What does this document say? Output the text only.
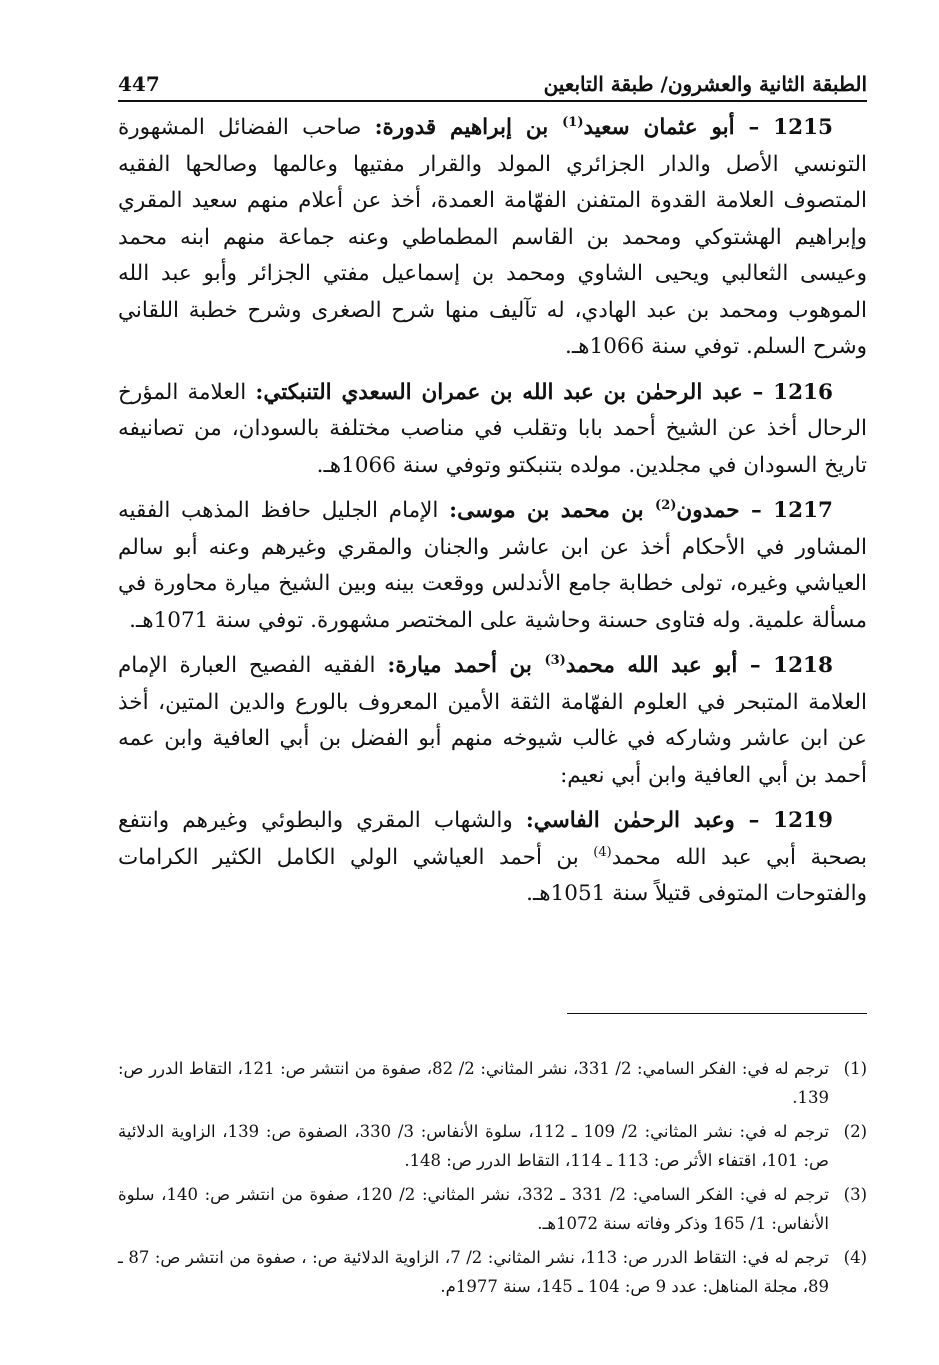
447	الطبقة الثانية والعشرون/ طبقة التابعين

1215 – أبو عثمان سعيد$^{(1)}$ بن إبراهيم قدورة: صاحب الفضائل المشهورة التونسي الأصل والدار الجزائري المولد والقرار مفتيها وعالمها وصالحها الفقيه المتصوف العلامة القدوة المتفنن الفهّامة العمدة، أخذ عن أعلام منهم سعيد المقري وإبراهيم الهشتوكي ومحمد بن القاسم المطماطي وعنه جماعة منهم ابنه محمد وعيسى الثعالبي ويحيى الشاوي ومحمد بن إسماعيل مفتي الجزائر وأبو عبد الله الموهوب ومحمد بن عبد الهادي، له تآليف منها شرح الصغرى وشرح خطبة اللقاني وشرح السلم. توفي سنة 1066هـ.

1216 – عبد الرحمٰن بن عبد الله بن عمران السعدي التنبكتي: العلامة المؤرخ الرحال أخذ عن الشيخ أحمد بابا وتقلب في مناصب مختلفة بالسودان، من تصانيفه تاريخ السودان في مجلدين. مولده بتنبكتو وتوفي سنة 1066هـ.

1217 – حمدون$^{(2)}$ بن محمد بن موسى: الإمام الجليل حافظ المذهب الفقيه المشاور في الأحكام أخذ عن ابن عاشر والجنان والمقري وغيرهم وعنه أبو سالم العياشي وغيره، تولى خطابة جامع الأندلس ووقعت بينه وبين الشيخ ميارة محاورة في مسألة علمية. وله فتاوى حسنة وحاشية على المختصر مشهورة. توفي سنة 1071هـ.

1218 – أبو عبد الله محمد$^{(3)}$ بن أحمد ميارة: الفقيه الفصيح العبارة الإمام العلامة المتبحر في العلوم الفهّامة الثقة الأمين المعروف بالورع والدين المتين، أخذ عن ابن عاشر وشاركه في غالب شيوخه منهم أبو الفضل بن أبي العافية وابن عمه أحمد بن أبي العافية وابن أبي نعيم:

1219 – وعبد الرحمٰن الفاسي: والشهاب المقري والبطوئي وغيرهم وانتفع بصحبة أبي عبد الله محمد$^{(4)}$ بن أحمد العياشي الولي الكامل الكثير الكرامات والفتوحات المتوفى قتيلاً سنة 1051هـ.

(1)
ترجم له في: الفكر السامي: 2/ 331، نشر المثاني: 2/ 82، صفوة من انتشر ص: 121، التقاط الدرر ص: 139.
(2)
ترجم له في: نشر المثاني: 2/ 109 ـ 112، سلوة الأنفاس: 3/ 330، الصفوة ص: 139، الزاوية الدلائية ص: 101، اقتفاء الأثر ص: 113 ـ 114، التقاط الدرر ص: 148.
(3)
ترجم له في: الفكر السامي: 2/ 331 ـ 332، نشر المثاني: 2/ 120، صفوة من انتشر ص: 140، سلوة الأنفاس: 1/ 165 وذكر وفاته سنة 1072هـ.
(4)
ترجم له في: التقاط الدرر ص: 113، نشر المثاني: 2/ 7، الزاوية الدلائية ص: ، صفوة من انتشر ص: 87 ـ 89، مجلة المناهل: عدد 9 ص: 104 ـ 145، سنة 1977م.
